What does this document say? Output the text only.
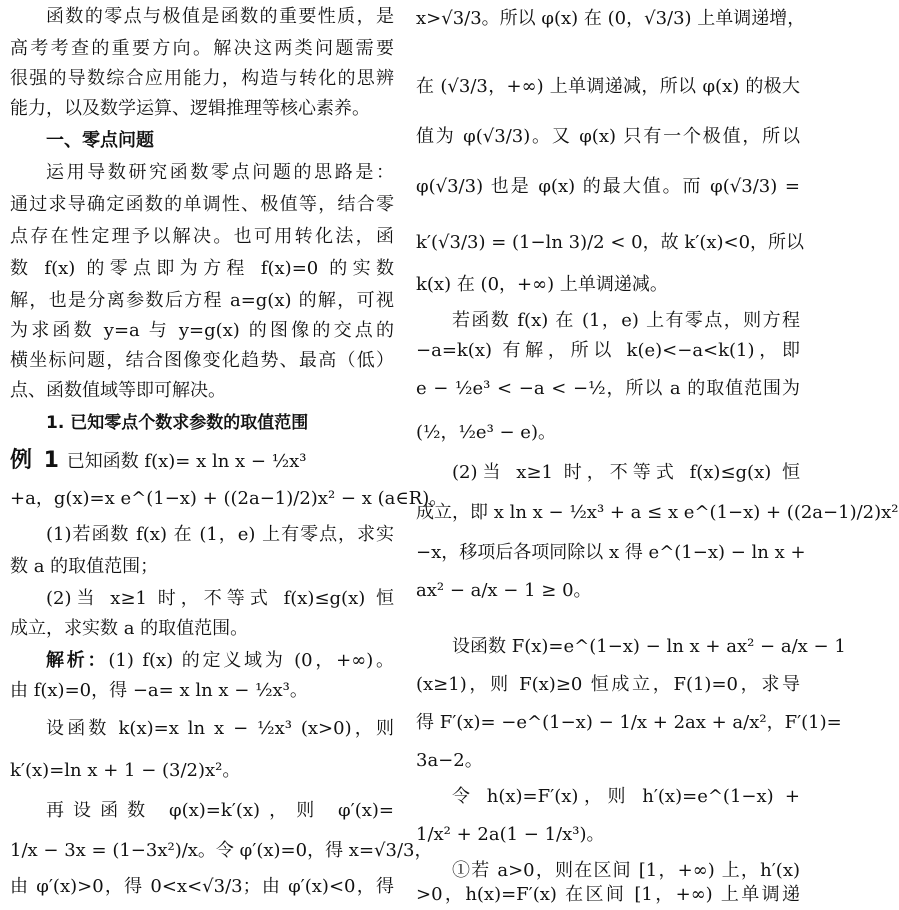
函数的零点与极值是函数的重要性质，是
高考考查的重要方向。解决这两类问题需要
很强的导数综合应用能力，构造与转化的思辨
能力，以及数学运算、逻辑推理等核心素养。
一、零点问题
运用导数研究函数零点问题的思路是：
通过求导确定函数的单调性、极值等，结合零
点存在性定理予以解决。也可用转化法，函
数 f(x) 的零点即为方程 f(x)=0 的实数
解，也是分离参数后方程 a=g(x) 的解，可视
为求函数 y=a 与 y=g(x) 的图像的交点的
横坐标问题，结合图像变化趋势、最高（低）
点、函数值域等即可解决。
1. 已知零点个数求参数的取值范围
例 1 已知函数 f(x)= x ln x − ½x³
+a，g(x)=x e^(1−x) + ((2a−1)/2)x² − x (a∈R)。
(1)若函数 f(x) 在 (1，e) 上有零点，求实
数 a 的取值范围；
(2)当 x≥1 时，不等式 f(x)≤g(x) 恒
成立，求实数 a 的取值范围。
解析：(1) f(x) 的定义域为 (0，+∞)。
由 f(x)=0，得 −a= x ln x − ½x³。
设函数 k(x)=x ln x − ½x³ (x>0)，则
k′(x)=ln x + 1 − (3/2)x²。
再设函数 φ(x)=k′(x)，则 φ′(x)=
1/x − 3x = (1−3x²)/x。令 φ′(x)=0，得 x=√3/3，
由 φ′(x)>0，得 0<x<√3/3；由 φ′(x)<0，得
x>√3/3。所以 φ(x) 在 (0，√3/3) 上单调递增，
在 (√3/3，+∞) 上单调递减，所以 φ(x) 的极大
值为 φ(√3/3)。又 φ(x) 只有一个极值，所以
φ(√3/3) 也是 φ(x) 的最大值。而 φ(√3/3) =
k′(√3/3) = (1−ln 3)/2 < 0，故 k′(x)<0，所以
k(x) 在 (0，+∞) 上单调递减。
若函数 f(x) 在 (1，e) 上有零点，则方程
−a=k(x) 有解，所以 k(e)<−a<k(1)，即
e − ½e³ < −a < −½，所以 a 的取值范围为
(½，½e³ − e)。
(2)当 x≥1 时，不等式 f(x)≤g(x) 恒
成立，即 x ln x − ½x³ + a ≤ x e^(1−x) + ((2a−1)/2)x²
−x，移项后各项同除以 x 得 e^(1−x) − ln x +
ax² − a/x − 1 ≥ 0。
设函数 F(x)=e^(1−x) − ln x + ax² − a/x − 1
(x≥1)，则 F(x)≥0 恒成立，F(1)=0，求导
得 F′(x)= −e^(1−x) − 1/x + 2ax + a/x²，F′(1)=
3a−2。
令 h(x)=F′(x)，则 h′(x)=e^(1−x) +
1/x² + 2a(1 − 1/x³)。
①若 a>0，则在区间 [1，+∞) 上，h′(x)
>0，h(x)=F′(x) 在区间 [1，+∞) 上单调递
